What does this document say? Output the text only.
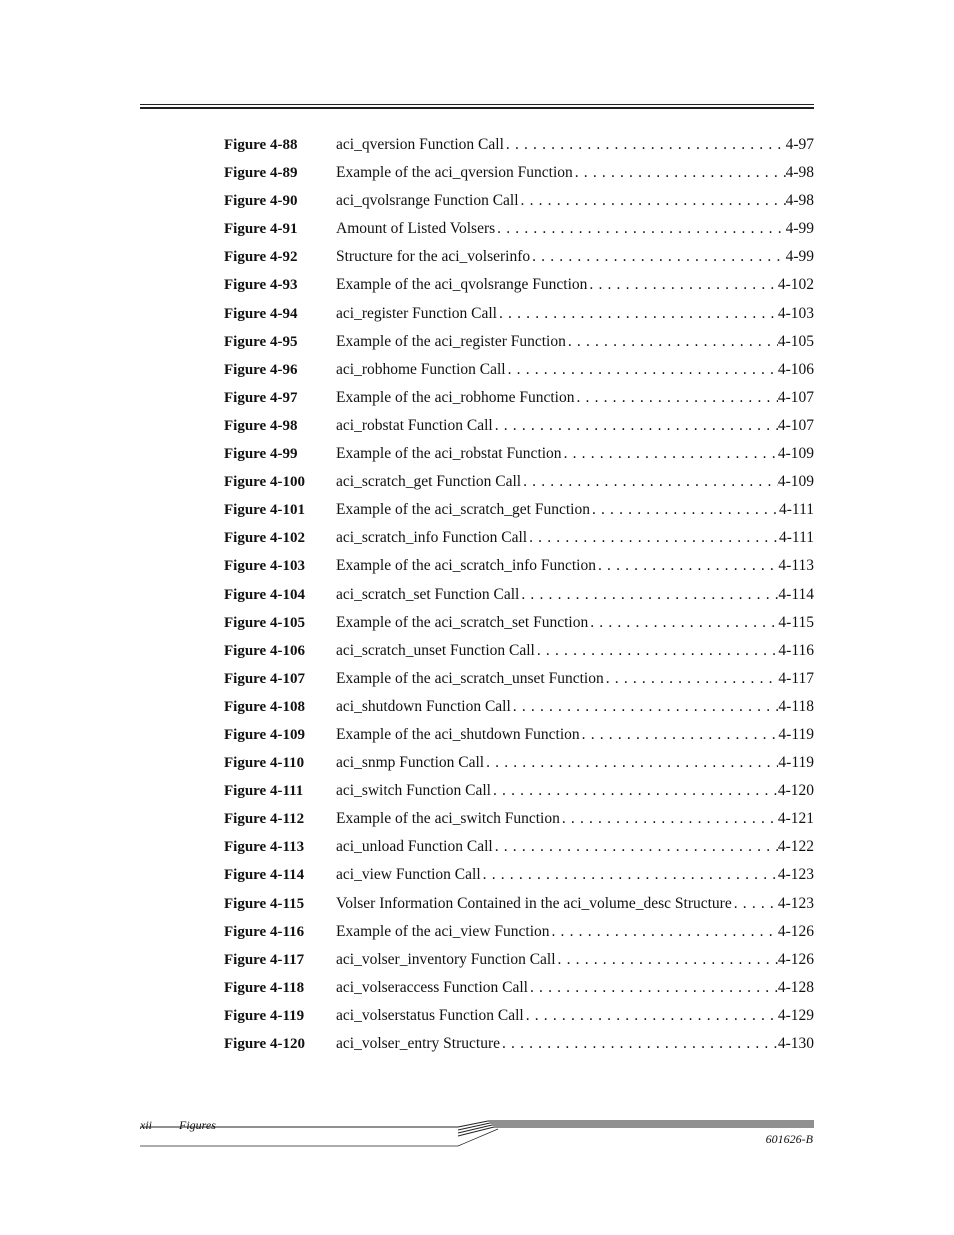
Figure 4-88 aci_qversion Function Call . . .	4-97
Figure 4-89 Example of the aci_qversion Function . . .	4-98
Figure 4-90 aci_qvolsrange Function Call . . .	4-98
Figure 4-91 Amount of Listed Volsers . . .	4-99
Figure 4-92 Structure for the aci_volserinfo . . .	4-99
Figure 4-93 Example of the aci_qvolsrange Function . . .	4-102
Figure 4-94 aci_register Function Call . . .	4-103
Figure 4-95 Example of the aci_register Function . . .	4-105
Figure 4-96 aci_robhome Function Call . . .	4-106
Figure 4-97 Example of the aci_robhome Function . . .	4-107
Figure 4-98 aci_robstat Function Call . . .	4-107
Figure 4-99 Example of the aci_robstat Function . . .	4-109
Figure 4-100 aci_scratch_get Function Call . . .	4-109
Figure 4-101 Example of the aci_scratch_get Function . . .	4-111
Figure 4-102 aci_scratch_info Function Call . . .	4-111
Figure 4-103 Example of the aci_scratch_info Function . . .	4-113
Figure 4-104 aci_scratch_set Function Call . . .	4-114
Figure 4-105 Example of the aci_scratch_set Function . . .	4-115
Figure 4-106 aci_scratch_unset Function Call . . .	4-116
Figure 4-107 Example of the aci_scratch_unset Function . . .	4-117
Figure 4-108 aci_shutdown Function Call . . .	4-118
Figure 4-109 Example of the aci_shutdown Function . . .	4-119
Figure 4-110 aci_snmp Function Call . . .	4-119
Figure 4-111 aci_switch Function Call . . .	4-120
Figure 4-112 Example of the aci_switch Function . . .	4-121
Figure 4-113 aci_unload Function Call . . .	4-122
Figure 4-114 aci_view Function Call . . .	4-123
Figure 4-115 Volser Information Contained in the aci_volume_desc Structure . . .	4-123
Figure 4-116 Example of the aci_view Function . . .	4-126
Figure 4-117 aci_volser_inventory Function Call . . .	4-126
Figure 4-118 aci_volseraccess Function Call . . .	4-128
Figure 4-119 aci_volserstatus Function Call . . .	4-129
Figure 4-120 aci_volser_entry Structure . . .	4-130
xii Figures
601626-B
